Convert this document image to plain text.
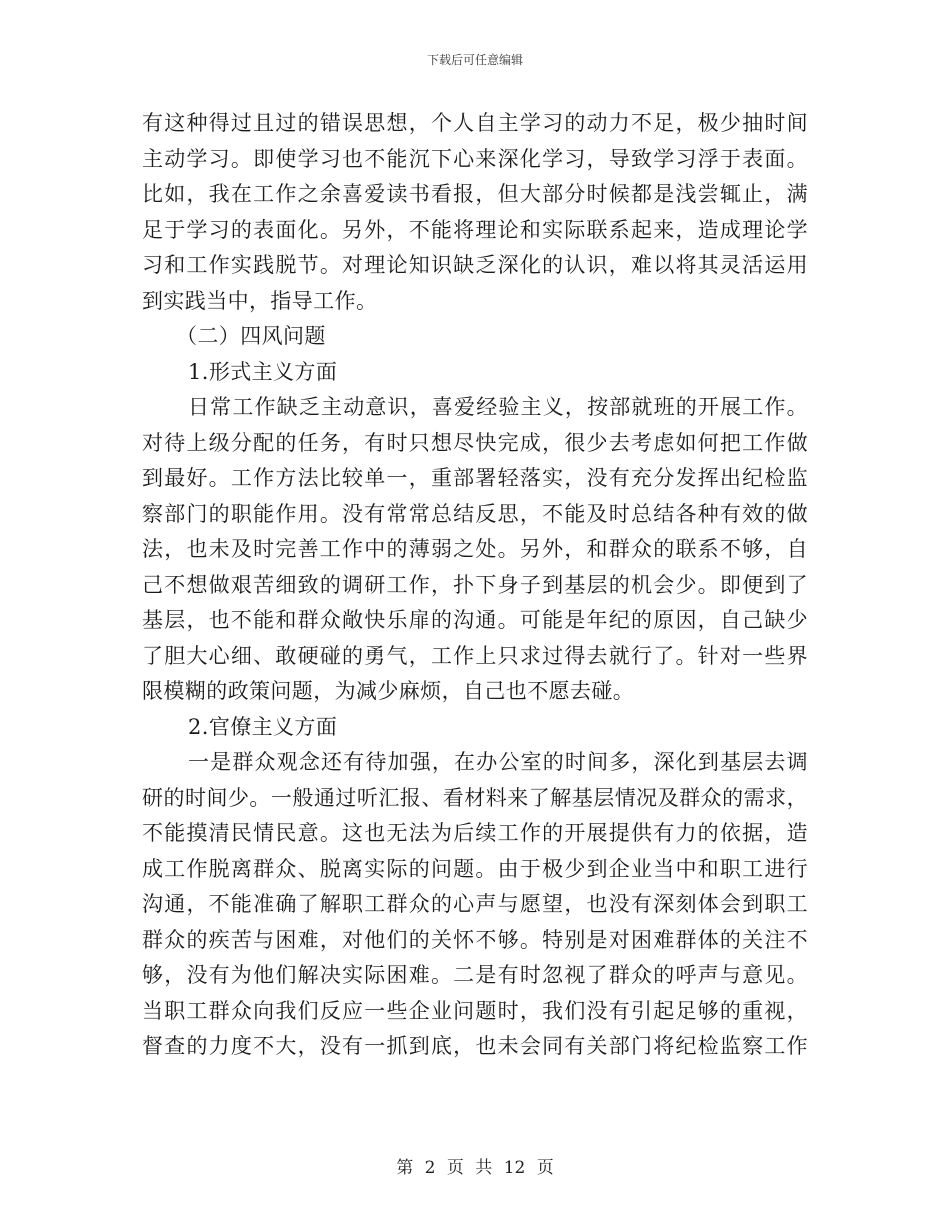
下载后可任意编辑
有这种得过且过的错误思想，个人自主学习的动力不足，极少抽时间
主动学习。即使学习也不能沉下心来深化学习，导致学习浮于表面。
比如，我在工作之余喜爱读书看报，但大部分时候都是浅尝辄止，满
足于学习的表面化。另外，不能将理论和实际联系起来，造成理论学
习和工作实践脱节。对理论知识缺乏深化的认识，难以将其灵活运用
到实践当中，指导工作。
（二）四风问题
1.形式主义方面
日常工作缺乏主动意识，喜爱经验主义，按部就班的开展工作。
对待上级分配的任务，有时只想尽快完成，很少去考虑如何把工作做
到最好。工作方法比较单一，重部署轻落实，没有充分发挥出纪检监
察部门的职能作用。没有常常总结反思，不能及时总结各种有效的做
法，也未及时完善工作中的薄弱之处。另外，和群众的联系不够，自
己不想做艰苦细致的调研工作，扑下身子到基层的机会少。即便到了
基层，也不能和群众敞快乐扉的沟通。可能是年纪的原因，自己缺少
了胆大心细、敢硬碰的勇气，工作上只求过得去就行了。针对一些界
限模糊的政策问题，为减少麻烦，自己也不愿去碰。
2.官僚主义方面
一是群众观念还有待加强，在办公室的时间多，深化到基层去调
研的时间少。一般通过听汇报、看材料来了解基层情况及群众的需求，
不能摸清民情民意。这也无法为后续工作的开展提供有力的依据，造
成工作脱离群众、脱离实际的问题。由于极少到企业当中和职工进行
沟通，不能准确了解职工群众的心声与愿望，也没有深刻体会到职工
群众的疾苦与困难，对他们的关怀不够。特别是对困难群体的关注不
够，没有为他们解决实际困难。二是有时忽视了群众的呼声与意见。
当职工群众向我们反应一些企业问题时，我们没有引起足够的重视，
督查的力度不大，没有一抓到底，也未会同有关部门将纪检监察工作
第 2 页 共 12 页
